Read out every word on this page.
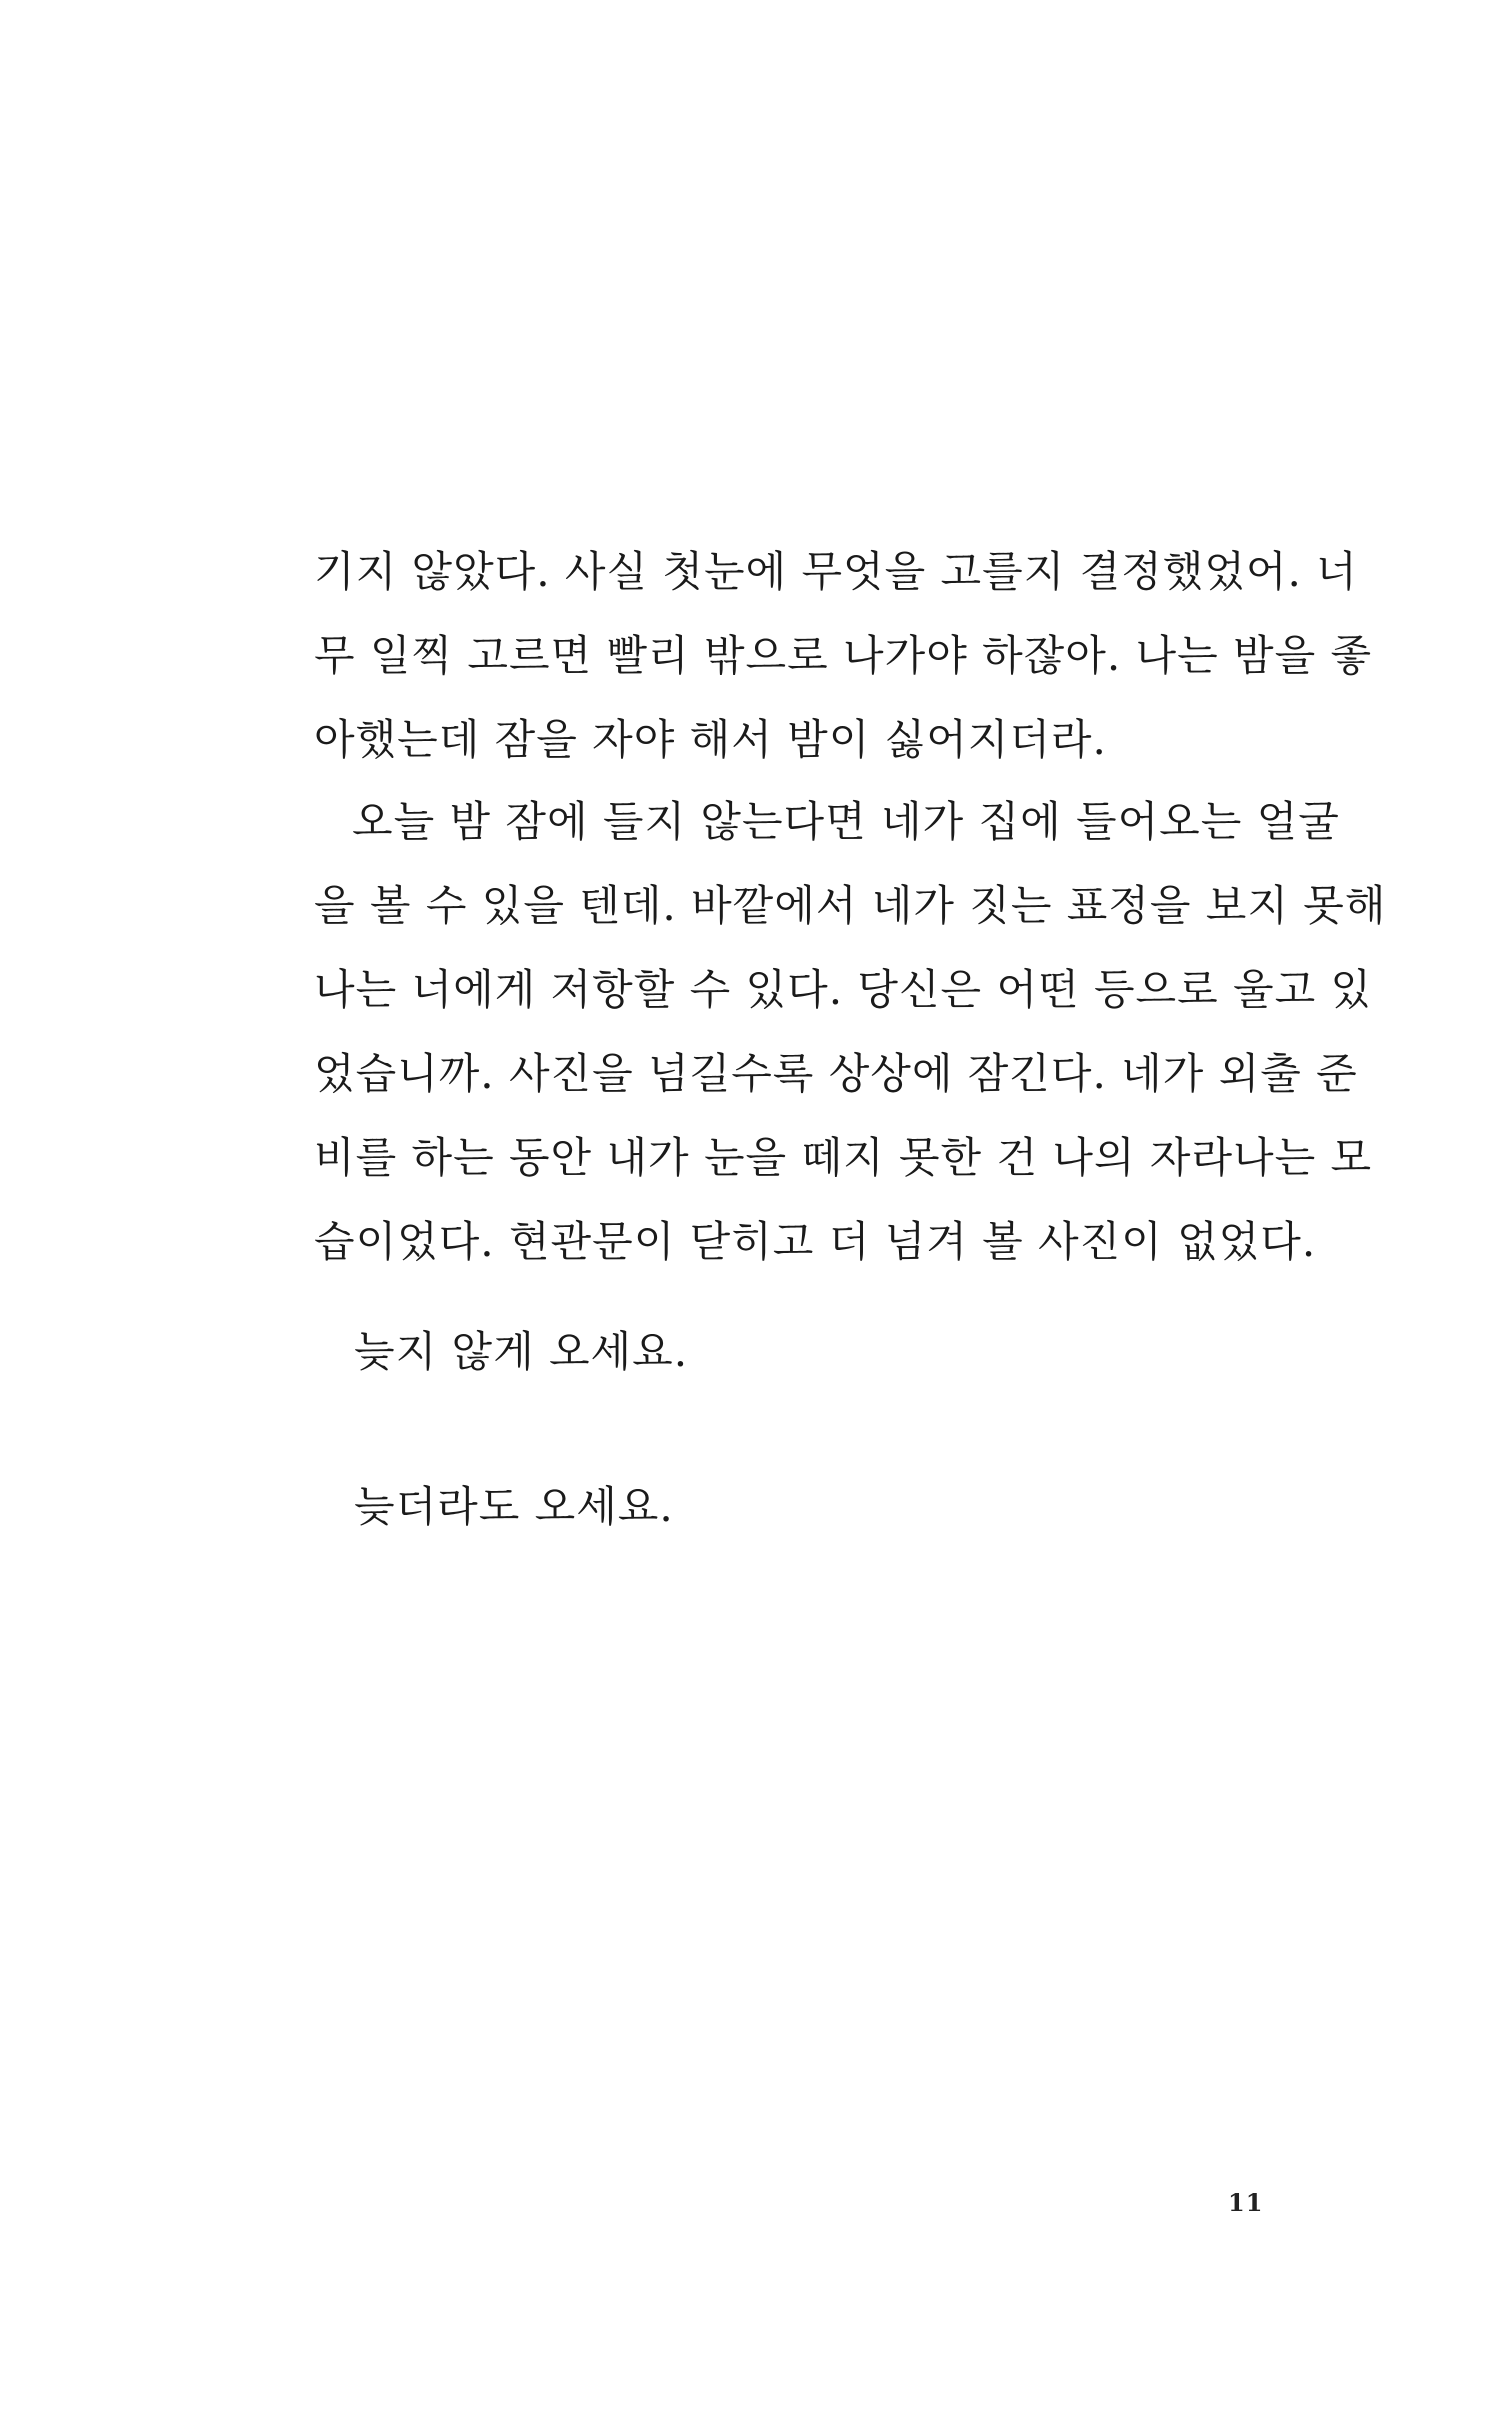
기지 않았다. 사실 첫눈에 무엇을 고를지 결정했었어. 너
무 일찍 고르면 빨리 밖으로 나가야 하잖아. 나는 밤을 좋
아했는데 잠을 자야 해서 밤이 싫어지더라.
오늘 밤 잠에 들지 않는다면 네가 집에 들어오는 얼굴
을 볼 수 있을 텐데. 바깥에서 네가 짓는 표정을 보지 못해
나는 너에게 저항할 수 있다. 당신은 어떤 등으로 울고 있
었습니까. 사진을 넘길수록 상상에 잠긴다. 네가 외출 준
비를 하는 동안 내가 눈을 떼지 못한 건 나의 자라나는 모
습이었다. 현관문이 닫히고 더 넘겨 볼 사진이 없었다.
늦지 않게 오세요.
늦더라도 오세요.
11
